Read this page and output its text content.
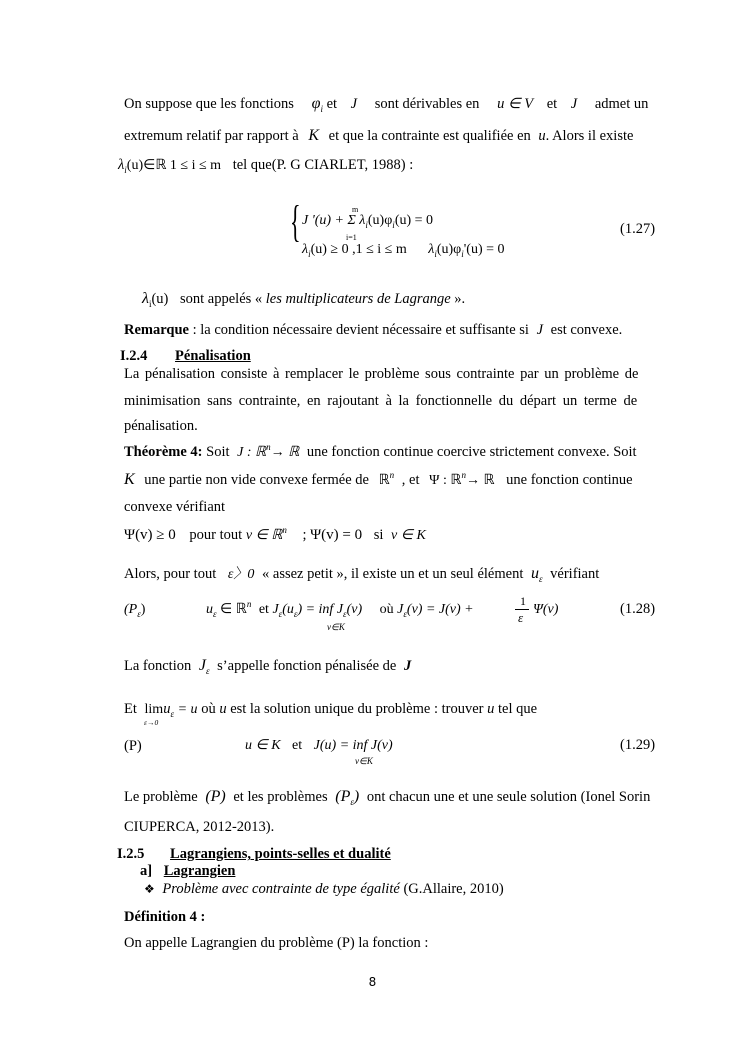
On suppose que les fonctions $\varphi_i$ et J sont dérivables en u ∈ V et J admet un
extremum relatif par rapport à K et que la contrainte est qualifiée en u. Alors il existe
$\lambda_i(u)\in ℝ$ 1 ≤ i ≤ m tel que(P. G CIARLET, 1988) :
{ J '(u) + Σ $\lambda_i(u)\varphi_i(u) = 0$
m
i=1
$\lambda_i(u) \ge 0$ ,1 ≤ i ≤ m $\lambda_i(u)\varphi_i'(u) = 0$
(1.27)
$\lambda_i(u)$ sont appelés « les multiplicateurs de Lagrange ».
Remarque : la condition nécessaire devient nécessaire et suffisante si J est convexe.
I.2.4 Pénalisation
La pénalisation consiste à remplacer le problème sous contrainte par un problème de
minimisation sans contrainte, en rajoutant à la fonctionnelle du départ un terme de
pénalisation.
Théorème 4: Soit J : ℝ$^n$→ ℝ une fonction continue coercive strictement convexe. Soit
K une partie non vide convexe fermée de ℝ$^n$ , et Ψ : ℝ$^n$→ ℝ une fonction continue
convexe vérifiant
Ψ(v) ≥ 0 pour tout v ∈ ℝ$^n$ ; Ψ(v) = 0 si v ∈ K
Alors, pour tout ε〉0 « assez petit », il existe un et un seul élément $u_\varepsilon$ vérifiant
$(P_\varepsilon)$	$u_\varepsilon$ ∈ ℝ$^n$ et $J_\varepsilon(u_\varepsilon)$ = inf $J_\varepsilon(v)$ où $J_\varepsilon(v) = J(v)$ +
v∈K
1
ε
Ψ(v)	(1.28)
La fonction $J_\varepsilon$ s’appelle fonction pénalisée de J
Et limu$_\varepsilon$ = u où u est la solution unique du problème : trouver u tel que
ε→0
(P)	u ∈ K et J(u) = inf J(v)
v∈K
(1.29)
Le problème (P) et les problèmes $(P_\varepsilon)$ ont chacun une et une seule solution (Ionel Sorin
CIUPERCA, 2012-2013).
I.2.5 Lagrangiens, points-selles et dualité
a] Lagrangien
❖ Problème avec contrainte de type égalité (G.Allaire, 2010)
Définition 4 :
On appelle Lagrangien du problème (P) la fonction :
8
